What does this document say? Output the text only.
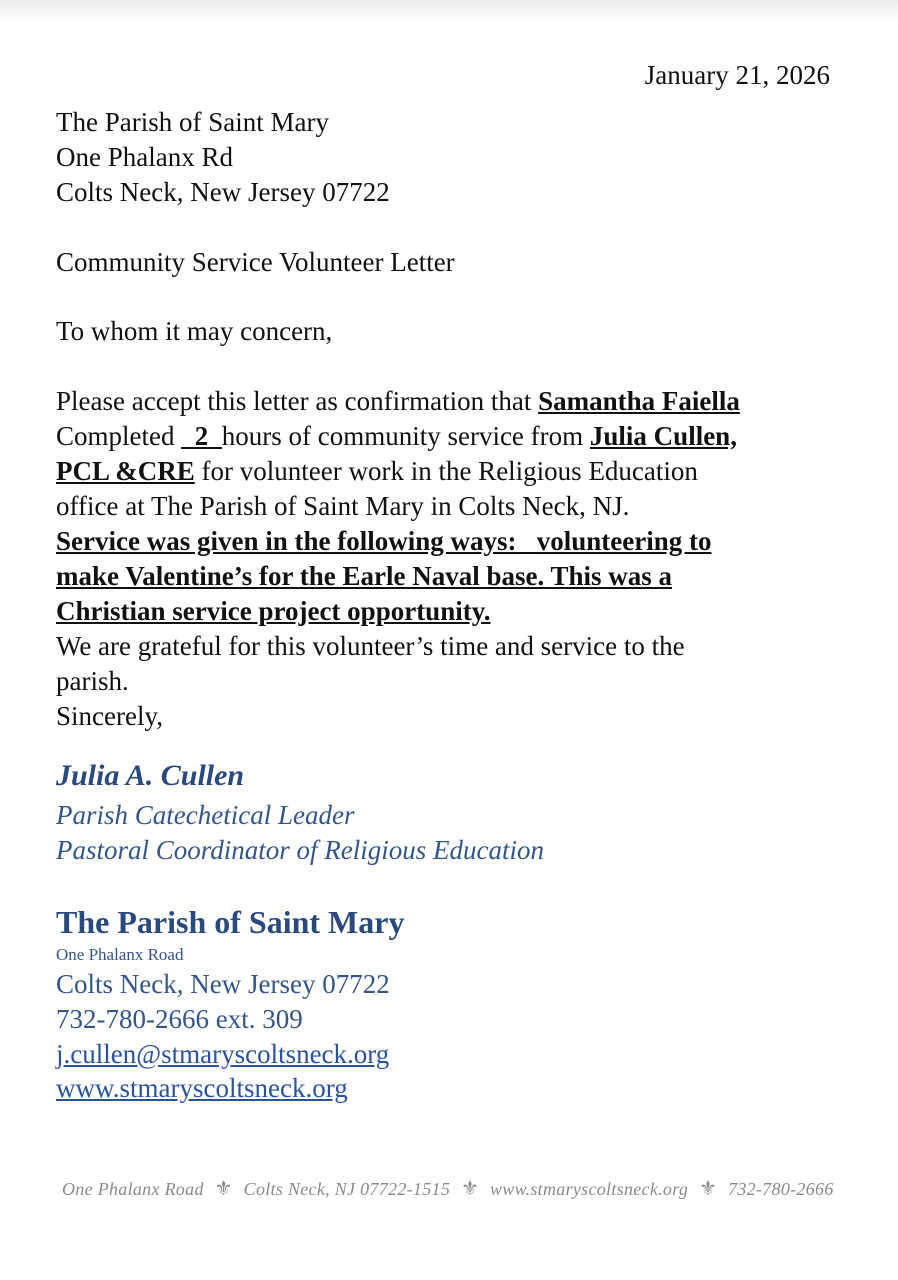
January 21, 2026
The Parish of Saint Mary
One Phalanx Rd
Colts Neck, New Jersey 07722
Community Service Volunteer Letter
To whom it may concern,
Please accept this letter as confirmation that Samantha Faiella
Completed _2_hours of community service from Julia Cullen,
PCL &CRE for volunteer work in the Religious Education
office at The Parish of Saint Mary in Colts Neck, NJ.
Service was given in the following ways: _volunteering to
make Valentine’s for the Earle Naval base. This was a
Christian service project opportunity.
We are grateful for this volunteer’s time and service to the
parish.
Sincerely,
Julia A. Cullen
Parish Catechetical Leader
Pastoral Coordinator of Religious Education
The Parish of Saint Mary
One Phalanx Road
Colts Neck, New Jersey 07722
732-780-2666 ext. 309
j.cullen@stmaryscoltsneck.org
www.stmaryscoltsneck.org
One Phalanx Road ⚜ Colts Neck, NJ 07722-1515 ⚜ www.stmaryscoltsneck.org ⚜ 732-780-2666
